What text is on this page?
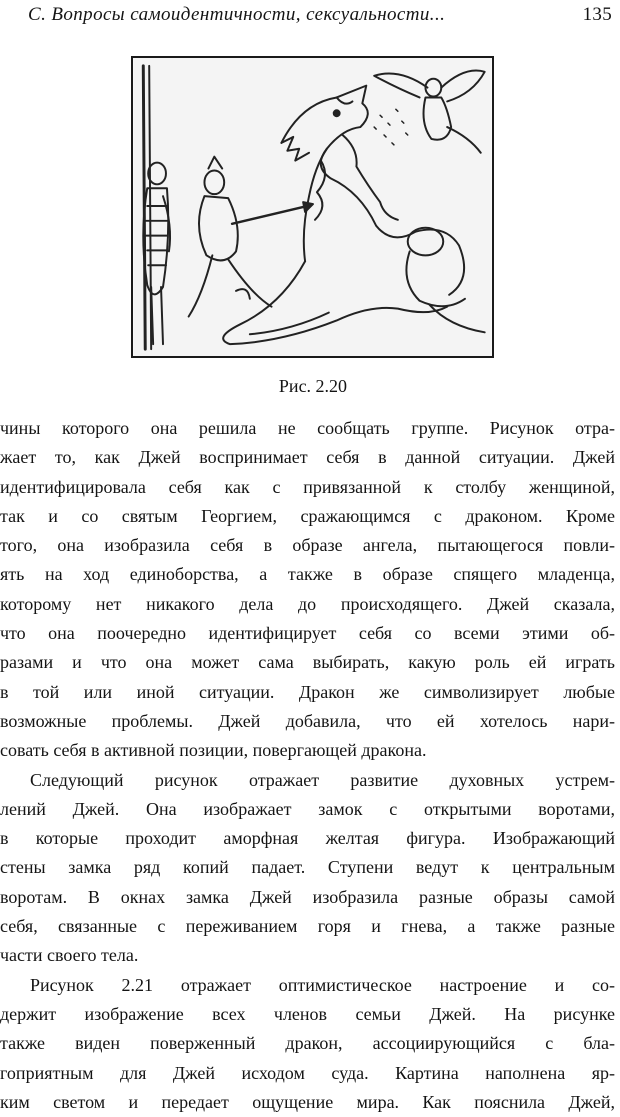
С. Вопросы самоидентичности, сексуальности...	135
Рис. 2.20
чины которого она решила не сообщать группе. Рисунок отра-
жает то, как Джей воспринимает себя в данной ситуации. Джей
идентифицировала себя как с привязанной к столбу женщиной,
так и со святым Георгием, сражающимся с драконом. Кроме
того, она изобразила себя в образе ангела, пытающегося повли-
ять на ход единоборства, а также в образе спящего младенца,
которому нет никакого дела до происходящего. Джей сказала,
что она поочередно идентифицирует себя со всеми этими об-
разами и что она может сама выбирать, какую роль ей играть
в той или иной ситуации. Дракон же символизирует любые
возможные проблемы. Джей добавила, что ей хотелось нари-
совать себя в активной позиции, повергающей дракона.
Следующий рисунок отражает развитие духовных устрем-
лений Джей. Она изображает замок с открытыми воротами,
в которые проходит аморфная желтая фигура. Изображающий
стены замка ряд копий падает. Ступени ведут к центральным
воротам. В окнах замка Джей изобразила разные образы самой
себя, связанные с переживанием горя и гнева, а также разные
части своего тела.
Рисунок 2.21 отражает оптимистическое настроение и со-
держит изображение всех членов семьи Джей. На рисунке
также виден поверженный дракон, ассоциирующийся с бла-
гоприятным для Джей исходом суда. Картина наполнена яр-
ким светом и передает ощущение мира. Как пояснила Джей,
